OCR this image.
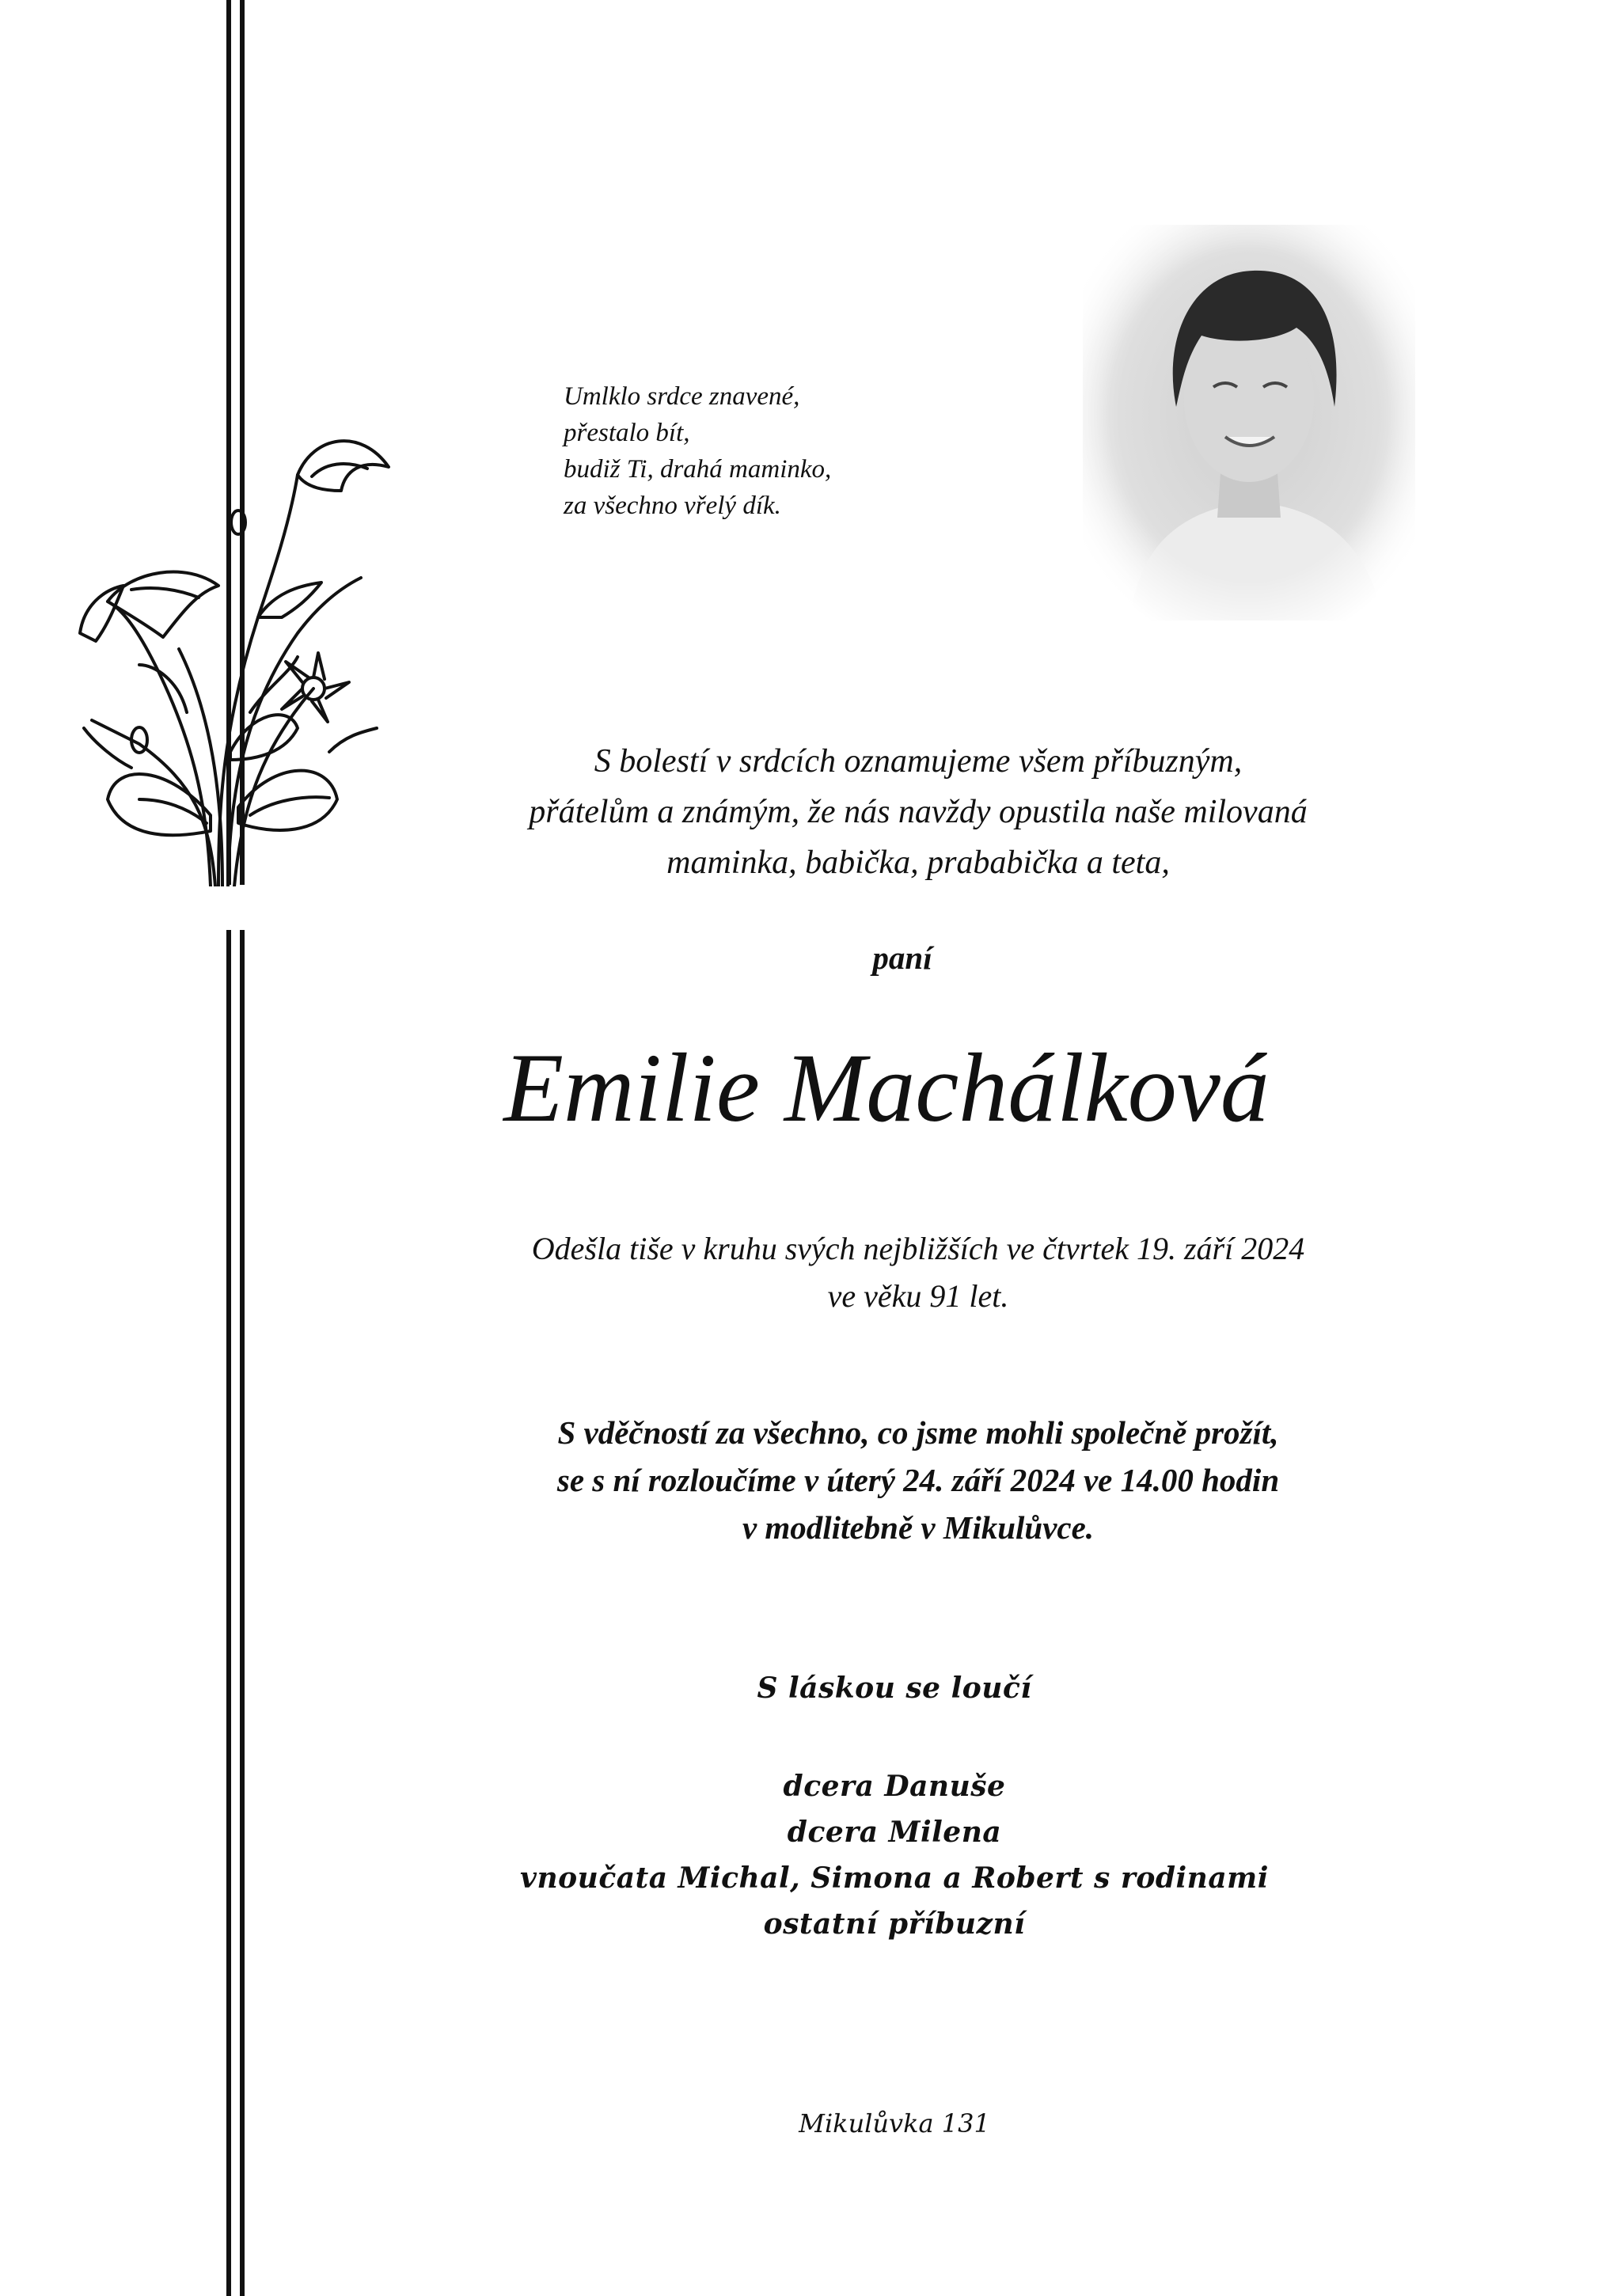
Umlklo srdce znavené,
přestalo bít,
budiž Ti, drahá maminko,
za všechno vřelý dík.
S bolestí v srdcích oznamujeme všem příbuzným,
přátelům a známým, že nás navždy opustila naše milovaná
maminka, babička, prababička a teta,
paní
Emilie Machálková
Odešla tiše v kruhu svých nejbližších ve čtvrtek 19. září 2024
ve věku 91 let.
S vděčností za všechno, co jsme mohli společně prožít,
se s ní rozloučíme v úterý 24. září 2024 ve 14.00 hodin
v modlitebně v Mikulůvce.
S láskou se loučí
dcera Danuše
dcera Milena
vnoučata Michal, Simona a Robert s rodinami
ostatní příbuzní
Mikulůvka 131
